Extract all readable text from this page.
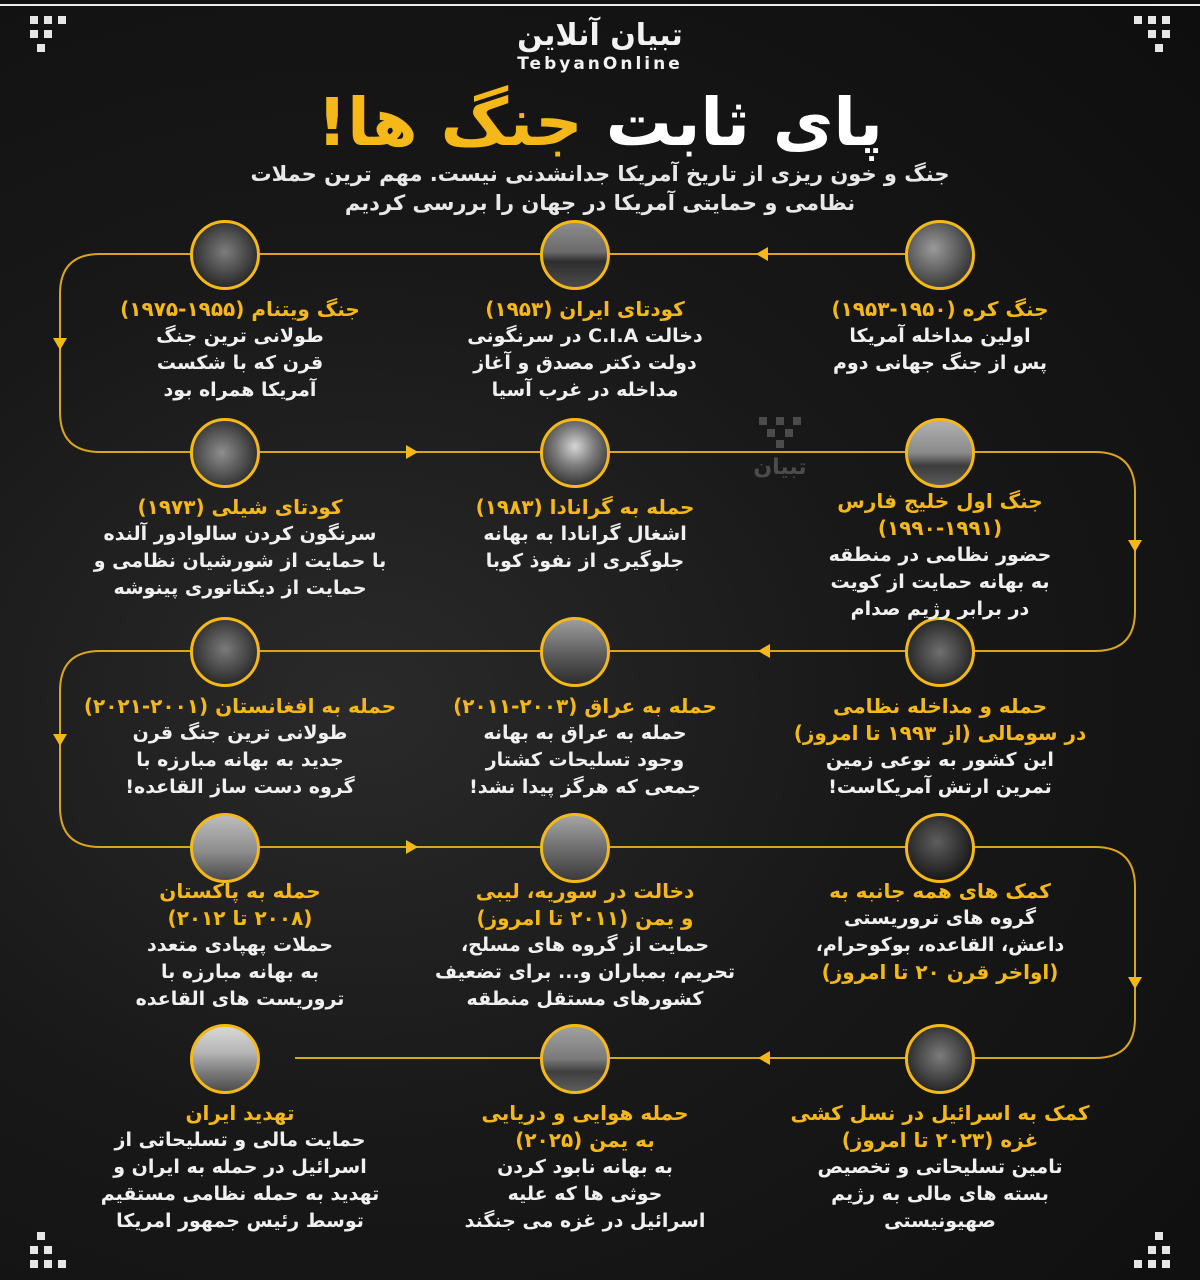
تبیان آنلاین
TebyanOnline
پای ثابت جنگ ها!
جنگ و خون ریزی از تاریخ آمریکا جدانشدنی نیست. مهم ترین حملات
نظامی و حمایتی آمریکا در جهان را بررسی کردیم
تبیان
جنگ کره (۱۹۵۰-۱۹۵۳)
اولین مداخله آمریکا
پس از جنگ جهانی دوم
کودتای ایران (۱۹۵۳)
دخالت C.I.A در سرنگونی
دولت دکتر مصدق و آغاز
مداخله در غرب آسیا
جنگ ویتنام (۱۹۵۵-۱۹۷۵)
طولانی ترین جنگ
قرن که با شکست
آمریکا همراه بود
جنگ اول خلیج فارس
(۱۹۹۰-۱۹۹۱)
حضور نظامی در منطقه
به بهانه حمایت از کویت
در برابر رژیم صدام
حمله به گرانادا (۱۹۸۳)
اشغال گرانادا به بهانه
جلوگیری از نفوذ کوبا
کودتای شیلی (۱۹۷۳)
سرنگون کردن سالوادور آلنده
با حمایت از شورشیان نظامی و
حمایت از دیکتاتوری پینوشه
حمله و مداخله نظامی
در سومالی (از ۱۹۹۳ تا امروز)
این کشور به نوعی زمین
تمرین ارتش آمریکاست!
حمله به عراق (۲۰۰۳-۲۰۱۱)
حمله به عراق به بهانه
وجود تسلیحات کشتار
جمعی که هرگز پیدا نشد!
حمله به افغانستان (۲۰۰۱-۲۰۲۱)
طولانی ترین جنگ قرن
جدید به بهانه مبارزه با
گروه دست ساز القاعده!
کمک های همه جانبه به
گروه های تروریستی
داعش، القاعده، بوکوحرام،
(اواخر قرن ۲۰ تا امروز)
دخالت در سوریه، لیبی
و یمن (۲۰۱۱ تا امروز)
حمایت از گروه های مسلح،
تحریم، بمباران و... برای تضعیف
کشورهای مستقل منطقه
حمله به پاکستان
(۲۰۰۸ تا ۲۰۱۲)
حملات پهپادی متعدد
به بهانه مبارزه با
تروریست های القاعده
کمک به اسرائیل در نسل کشی
غزه (۲۰۲۳ تا امروز)
تامین تسلیحاتی و تخصیص
بسته های مالی به رژیم
صهیونیستی
حمله هوایی و دریایی
به یمن (۲۰۲۵)
به بهانه نابود کردن
حوثی ها که علیه
اسرائیل در غزه می جنگند
تهدید ایران
حمایت مالی و تسلیحاتی از
اسرائیل در حمله به ایران و
تهدید به حمله نظامی مستقیم
توسط رئیس جمهور امریکا
